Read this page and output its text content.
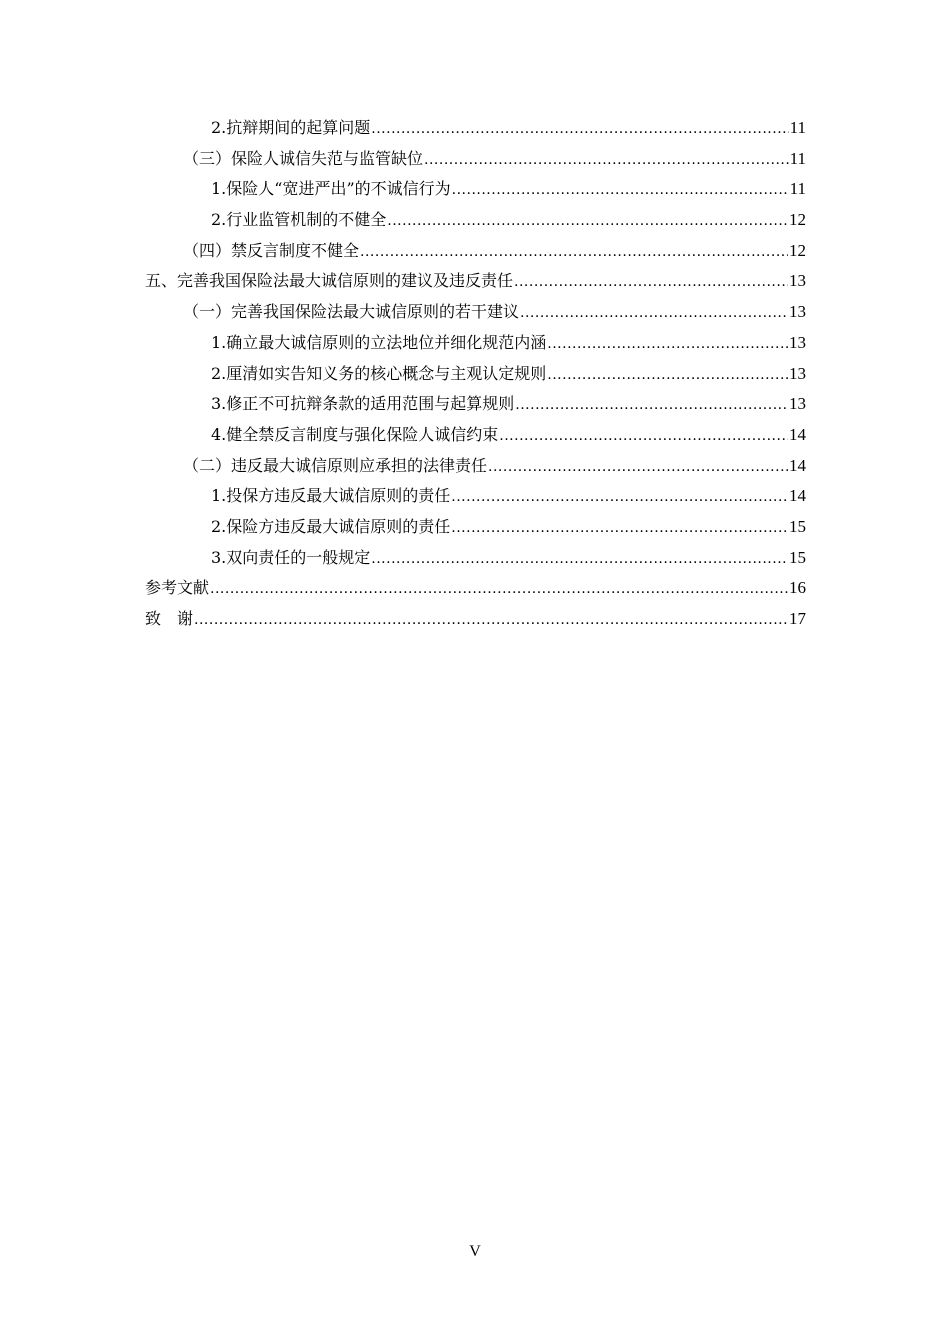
2.抗辩期间的起算问题 .....	11
（三）保险人诚信失范与监管缺位 .....	11
1.保险人“宽进严出”的不诚信行为 .....	11
2.行业监管机制的不健全 .....	12
（四）禁反言制度不健全 .....	12
五、完善我国保险法最大诚信原则的建议及违反责任 .....	13
（一）完善我国保险法最大诚信原则的若干建议 .....	13
1.确立最大诚信原则的立法地位并细化规范内涵 .....	13
2.厘清如实告知义务的核心概念与主观认定规则 .....	13
3.修正不可抗辩条款的适用范围与起算规则 .....	13
4.健全禁反言制度与强化保险人诚信约束 .....	14
（二）违反最大诚信原则应承担的法律责任 .....	14
1.投保方违反最大诚信原则的责任 .....	14
2.保险方违反最大诚信原则的责任 .....	15
3.双向责任的一般规定 .....	15
参考文献 .....	16
致　谢 .....	17
V
